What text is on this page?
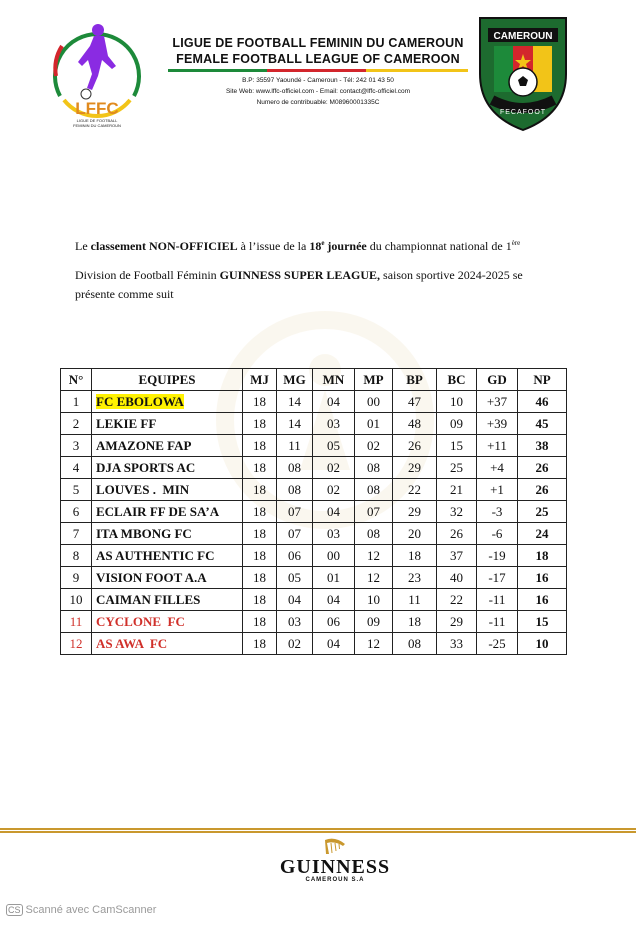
LFFC
LIGUE DE FOOTBALL
FEMININ DU CAMEROUN
LIGUE DE FOOTBALL FEMININ DU CAMEROUN
FEMALE FOOTBALL LEAGUE OF CAMEROON
B.P: 35597 Yaoundé - Cameroun - Tél: 242 01 43 50
Site Web: www.lffc-officiel.com - Email: contact@lffc-officiel.com
Numero de contribuable: M08960001335C
CAMEROUN
FECAFOOT

Le classement NON-OFFICIEL à l’issue de la 18e journée du championnat national de 1ère

Division de Football Féminin GUINNESS SUPER LEAGUE, saison sportive 2024-2025 se

présente comme suit

N°	EQUIPES	MJ	MG	MN	MP	BP	BC	GD	NP
1	FC EBOLOWA	18	14	04	00	47	10	+37	46
2	LEKIE FF	18	14	03	01	48	09	+39	45
3	AMAZONE FAP	18	11	05	02	26	15	+11	38
4	DJA SPORTS AC	18	08	02	08	29	25	+4	26
5	LOUVES .  MIN	18	08	02	08	22	21	+1	26
6	ECLAIR FF DE SA’A	18	07	04	07	29	32	-3	25
7	ITA MBONG FC	18	07	03	08	20	26	-6	24
8	AS AUTHENTIC FC	18	06	00	12	18	37	-19	18
9	VISION FOOT A.A	18	05	01	12	23	40	-17	16
10	CAIMAN FILLES	18	04	04	10	11	22	-11	16
11	CYCLONE  FC	18	03	06	09	18	29	-11	15
12	AS AWA  FC	18	02	04	12	08	33	-25	10
GUINNESS
CAMEROUN S.A
CS Scanné avec CamScanner
